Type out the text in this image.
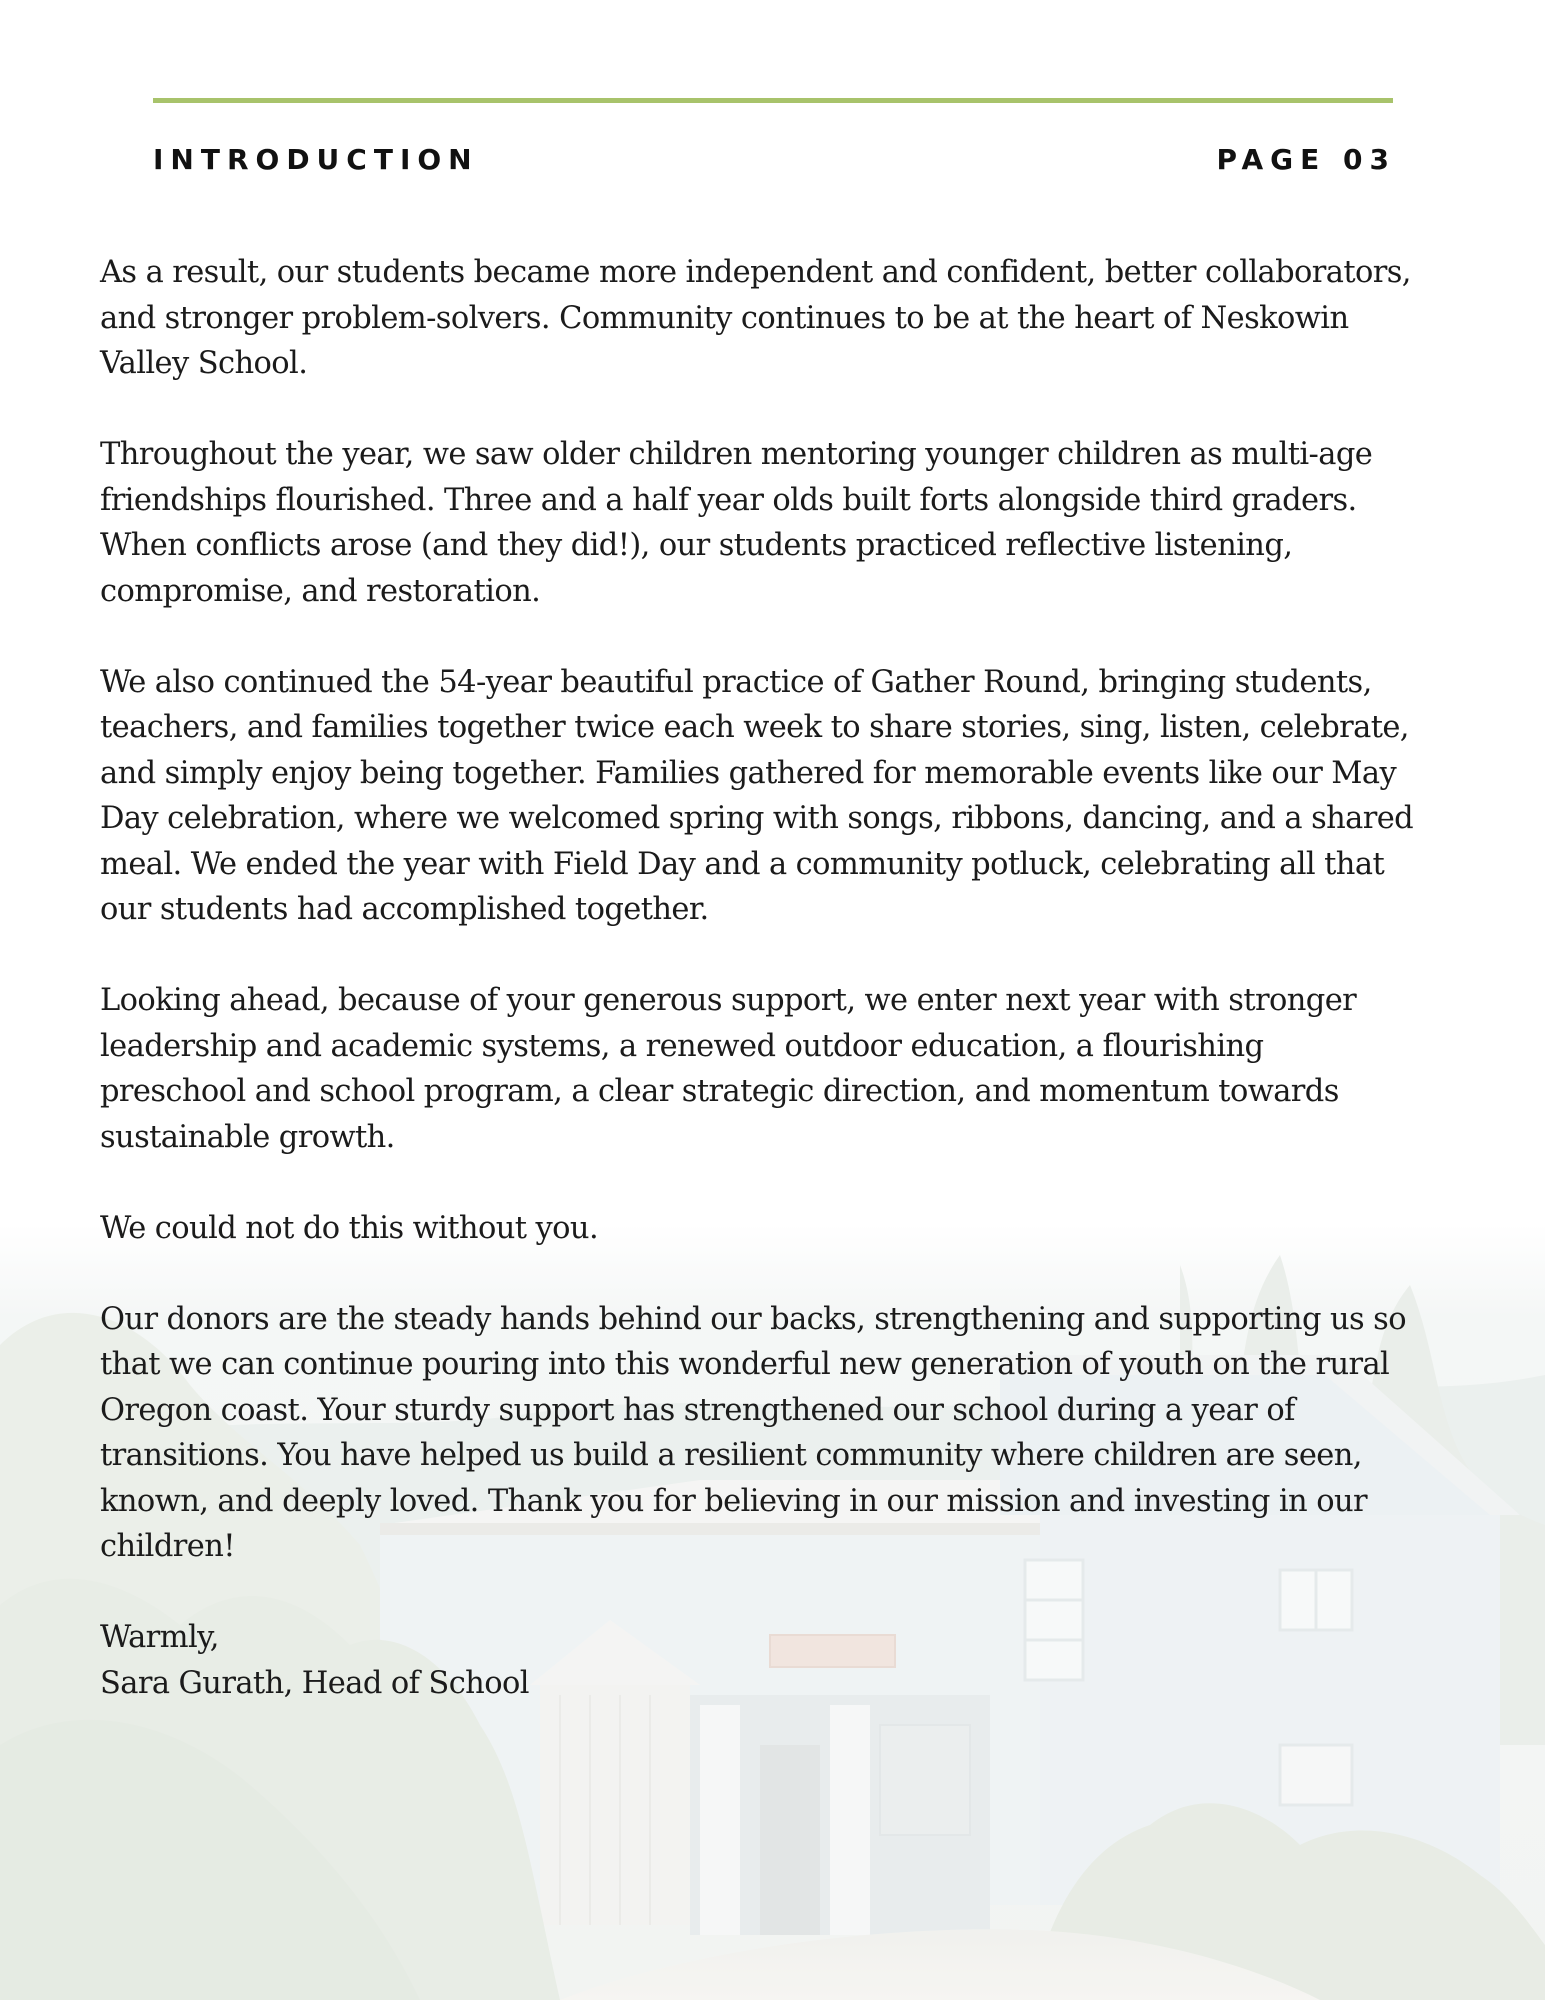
INTRODUCTION	PAGE 03

As a result, our students became more independent and confident, better collaborators,
and stronger problem-solvers. Community continues to be at the heart of Neskowin
Valley School.

Throughout the year, we saw older children mentoring younger children as multi-age
friendships flourished. Three and a half year olds built forts alongside third graders.
When conflicts arose (and they did!), our students practiced reflective listening,
compromise, and restoration.

We also continued the 54-year beautiful practice of Gather Round, bringing students,
teachers, and families together twice each week to share stories, sing, listen, celebrate,
and simply enjoy being together. Families gathered for memorable events like our May
Day celebration, where we welcomed spring with songs, ribbons, dancing, and a shared
meal. We ended the year with Field Day and a community potluck, celebrating all that
our students had accomplished together.

Looking ahead, because of your generous support, we enter next year with stronger
leadership and academic systems, a renewed outdoor education, a flourishing
preschool and school program, a clear strategic direction, and momentum towards
sustainable growth.

We could not do this without you.

Our donors are the steady hands behind our backs, strengthening and supporting us so
that we can continue pouring into this wonderful new generation of youth on the rural
Oregon coast. Your sturdy support has strengthened our school during a year of
transitions. You have helped us build a resilient community where children are seen,
known, and deeply loved. Thank you for believing in our mission and investing in our
children!

Warmly,
Sara Gurath, Head of School
